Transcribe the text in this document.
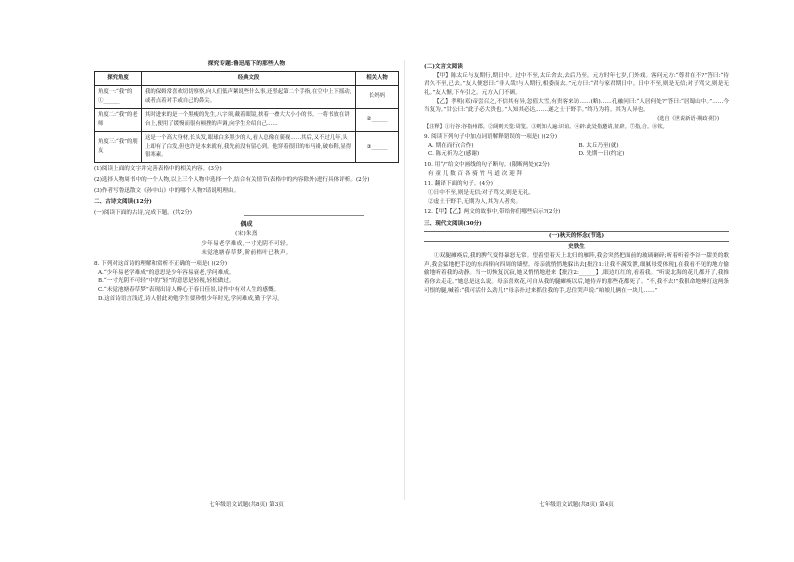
探究专题:鲁迅笔下的那些人物

探究角度	经典文段	相关人物
角度一:“我”的①______	我的保姆常喜欢切切察察,向人们低声絮说些什么事,还竖起第二个手指,在空中上下摇动,或者点着对手或自己的鼻尖。	长妈妈
角度二:“我”的老师	其时进来的是一个黑瘦的先生,八字须,戴着眼镜,挟着一叠大大小小的书。一将书放在讲台上,便用了缓慢而很有顿挫的声调,向学生介绍自己……	②______
角度三:“我”的朋友	这是一个高大身材,长头发,眼球白多黑少的人,看人总像在藐视……其后,又不过几年,头上却有了白发,但也许是本来就有,我先前没有留心到。他穿着很旧的布马褂,破布鞋,显得很寒素。	③______

(1)阅读上面的文字并完善表格中的相关内容。(3分)

(2)选择人物周书中的一个人物,以上三个人物中选择一个,结合有关情节(表格中的内容除外)进行具体评析。(2分)

(3)作者写鲁迅散文《孙中山》中的哪个人物?请说明理由。

二、古诗文阅读(12分)

(一)阅读下面的古诗,完成下题。(共2分)

偶成

(宋)朱熹

少年易老学难成,一寸光阴不可轻。

未觉池塘春草梦,阶前梧叶已秋声。

8. 下列对这首诗的理解和赏析不正确的一项是( )(2分)

A.“少年易老学难成”的意思是少年容易衰老,学问难成。

B.“一寸光阴不可轻”中的“轻”的意思是轻视,轻松做过。

C.“未觉池塘春草梦”表现出诗人醉心于春日佳景,诗作中有对人生的感慨。

D.这首诗语言浅近,诗人借此劝勉学生要珍惜少年时光,学问难成,勤于学习。

七年级语文试题(共8页) 第3页

(二)文言文阅读

【甲】陈太丘与友期行,期日中。过中不至,太丘舍去,去后乃至。元方时年七岁,门外戏。客问元方:“尊君在不?”答曰:“待君久不至,已去。”友人便怒曰:“非人哉!与人期行,相委而去。”元方曰:“君与家君期日中。日中不至,则是无信;对子骂父,则是无礼。”友人惭,下车引之。元方入门不顾。

【乙】孝明(邓)帝尝召之,不信其有异,忽值大雪,有贵客来访……(略)……孔融问曰:“人居何处?”答曰:“居蜀山中。”……今当复为。”甘公曰:“此子必大贵也。”人知其必达,……遂之士于野手。”终乃为将。其为人异也。

(选自《世说新语·期政·附》)

【注释】①行谷:谷指州郡。②阔则天览:周览。③则知人遍:识谊。④辟:此处指邀请,征辟。⑦指,合。⑧钦。

9. 阅读下列句子中加点词语解释错误的一项是( )(2分)

A. 期在而行(合作)	B. 太丘乃至(就)
C. 陈元祈为之(感谢)	D. 先期一日(约定)

10. 用“/”给文中画线的句子断句。(限断两处)(2分)

有 童 儿 数 百 各 骑 竹 马 道 次 迎 拜

11. 翻译下面的句子。(4分)

①日中不至,则是无信;对子骂父,则是无礼。

②虚土于野手,无期为人,其为人者矣。

12.【甲】【乙】两文的故事中,带给你们哪些启示?(2分)

三、现代文阅读(30分)

(一)秋天的怀念(节选)

史铁生

①双腿瘫痪后,我的脾气变得暴怒无常。望着望着天上北归的雁阵,我会突然把面前的玻璃砸碎;听着听着李谷一甜美的歌声,我会猛地把手边的东西摔向四周的墙壁。母亲就悄悄地躲出去[批注1:让我不满发泄,细腻母爱体现],在我看不见的地方偷偷地听着我的动静。当一切恢复沉寂,她又悄悄地进来【批注2:______】,眼边红红的,看着我。“听说北海的花儿都开了,我推着你去走走。”她总是这么说。母亲喜欢花,可自从我的腿瘫痪以后,她侍弄的那些花都死了。“不,我不去!”我狠命地捶打这两条可恨的腿,喊着:“我可活什么劲儿!”母亲扑过来抓住我的手,忍住哭声说:“咱娘儿俩在一块儿……”

七年级语文试题(共8页) 第4页
